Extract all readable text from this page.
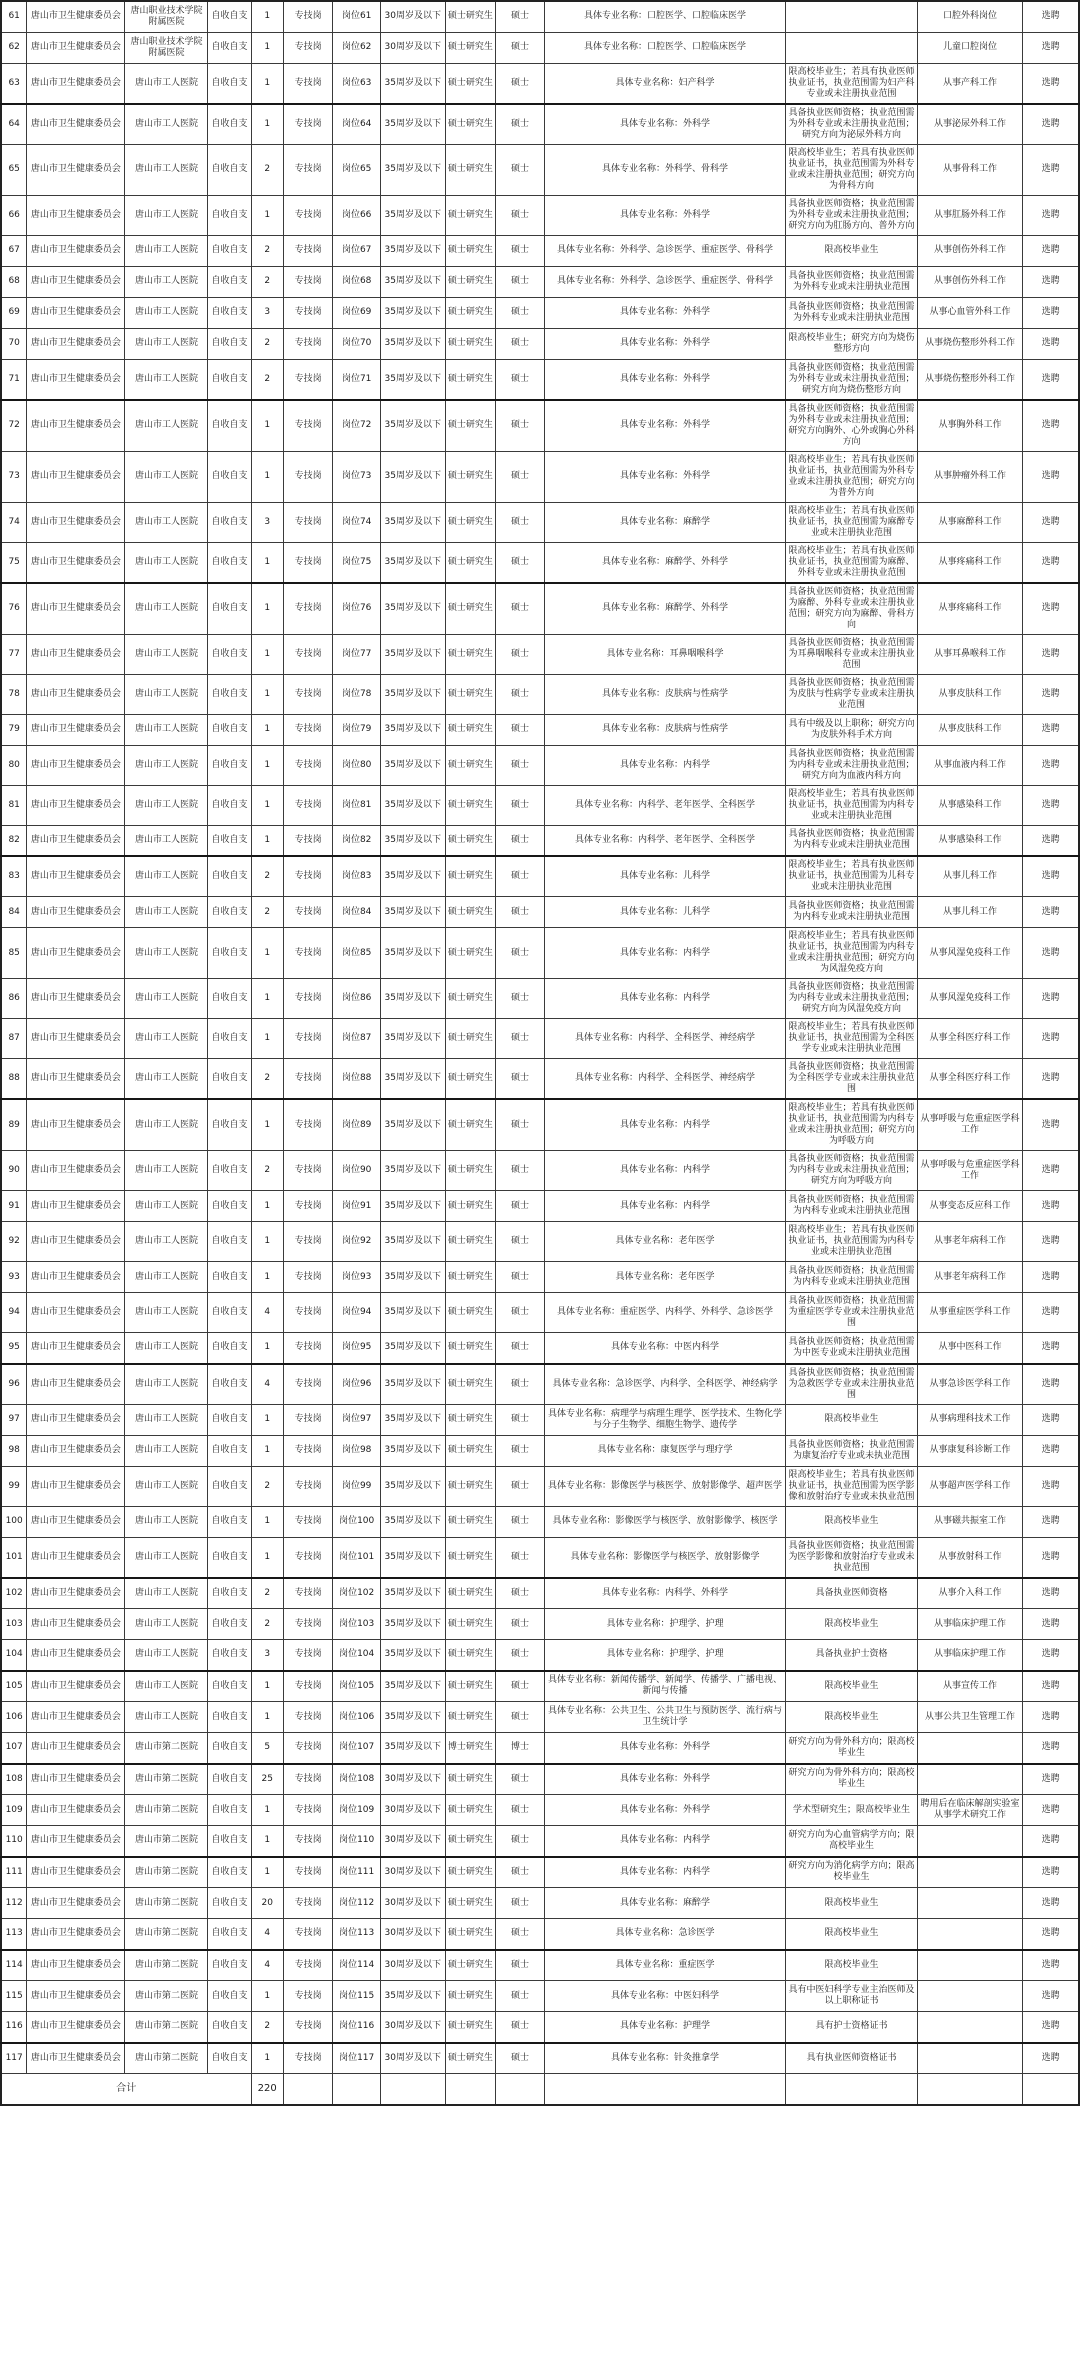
61	唐山市卫生健康委员会	唐山职业技术学院附属医院	自收自支	1	专技岗	岗位61	30周岁及以下	硕士研究生	硕士	具体专业名称：口腔医学、口腔临床医学		口腔外科岗位	选聘
62	唐山市卫生健康委员会	唐山职业技术学院附属医院	自收自支	1	专技岗	岗位62	30周岁及以下	硕士研究生	硕士	具体专业名称：口腔医学、口腔临床医学		儿童口腔岗位	选聘
63	唐山市卫生健康委员会	唐山市工人医院	自收自支	1	专技岗	岗位63	35周岁及以下	硕士研究生	硕士	具体专业名称：妇产科学	限高校毕业生；若具有执业医师执业证书，执业范围需为妇产科专业或未注册执业范围	从事产科工作	选聘
64	唐山市卫生健康委员会	唐山市工人医院	自收自支	1	专技岗	岗位64	35周岁及以下	硕士研究生	硕士	具体专业名称：外科学	具备执业医师资格；执业范围需为外科专业或未注册执业范围；研究方向为泌尿外科方向	从事泌尿外科工作	选聘
65	唐山市卫生健康委员会	唐山市工人医院	自收自支	2	专技岗	岗位65	35周岁及以下	硕士研究生	硕士	具体专业名称：外科学、骨科学	限高校毕业生；若具有执业医师执业证书，执业范围需为外科专业或未注册执业范围；研究方向为骨科方向	从事骨科工作	选聘
66	唐山市卫生健康委员会	唐山市工人医院	自收自支	1	专技岗	岗位66	35周岁及以下	硕士研究生	硕士	具体专业名称：外科学	具备执业医师资格；执业范围需为外科专业或未注册执业范围；研究方向为肛肠方向、普外方向	从事肛肠外科工作	选聘
67	唐山市卫生健康委员会	唐山市工人医院	自收自支	2	专技岗	岗位67	35周岁及以下	硕士研究生	硕士	具体专业名称：外科学、急诊医学、重症医学、骨科学	限高校毕业生	从事创伤外科工作	选聘
68	唐山市卫生健康委员会	唐山市工人医院	自收自支	2	专技岗	岗位68	35周岁及以下	硕士研究生	硕士	具体专业名称：外科学、急诊医学、重症医学、骨科学	具备执业医师资格；执业范围需为外科专业或未注册执业范围	从事创伤外科工作	选聘
69	唐山市卫生健康委员会	唐山市工人医院	自收自支	3	专技岗	岗位69	35周岁及以下	硕士研究生	硕士	具体专业名称：外科学	具备执业医师资格；执业范围需为外科专业或未注册执业范围	从事心血管外科工作	选聘
70	唐山市卫生健康委员会	唐山市工人医院	自收自支	2	专技岗	岗位70	35周岁及以下	硕士研究生	硕士	具体专业名称：外科学	限高校毕业生；研究方向为烧伤整形方向	从事烧伤整形外科工作	选聘
71	唐山市卫生健康委员会	唐山市工人医院	自收自支	2	专技岗	岗位71	35周岁及以下	硕士研究生	硕士	具体专业名称：外科学	具备执业医师资格；执业范围需为外科专业或未注册执业范围；研究方向为烧伤整形方向	从事烧伤整形外科工作	选聘
72	唐山市卫生健康委员会	唐山市工人医院	自收自支	1	专技岗	岗位72	35周岁及以下	硕士研究生	硕士	具体专业名称：外科学	具备执业医师资格；执业范围需为外科专业或未注册执业范围；研究方向胸外、心外或胸心外科方向	从事胸外科工作	选聘
73	唐山市卫生健康委员会	唐山市工人医院	自收自支	1	专技岗	岗位73	35周岁及以下	硕士研究生	硕士	具体专业名称：外科学	限高校毕业生；若具有执业医师执业证书，执业范围需为外科专业或未注册执业范围；研究方向为普外方向	从事肿瘤外科工作	选聘
74	唐山市卫生健康委员会	唐山市工人医院	自收自支	3	专技岗	岗位74	35周岁及以下	硕士研究生	硕士	具体专业名称：麻醉学	限高校毕业生；若具有执业医师执业证书，执业范围需为麻醉专业或未注册执业范围	从事麻醉科工作	选聘
75	唐山市卫生健康委员会	唐山市工人医院	自收自支	1	专技岗	岗位75	35周岁及以下	硕士研究生	硕士	具体专业名称：麻醉学、外科学	限高校毕业生；若具有执业医师执业证书，执业范围需为麻醉、外科专业或未注册执业范围	从事疼痛科工作	选聘
76	唐山市卫生健康委员会	唐山市工人医院	自收自支	1	专技岗	岗位76	35周岁及以下	硕士研究生	硕士	具体专业名称：麻醉学、外科学	具备执业医师资格；执业范围需为麻醉、外科专业或未注册执业范围；研究方向为麻醉、骨科方向	从事疼痛科工作	选聘
77	唐山市卫生健康委员会	唐山市工人医院	自收自支	1	专技岗	岗位77	35周岁及以下	硕士研究生	硕士	具体专业名称：耳鼻咽喉科学	具备执业医师资格；执业范围需为耳鼻咽喉科专业或未注册执业范围	从事耳鼻喉科工作	选聘
78	唐山市卫生健康委员会	唐山市工人医院	自收自支	1	专技岗	岗位78	35周岁及以下	硕士研究生	硕士	具体专业名称：皮肤病与性病学	具备执业医师资格；执业范围需为皮肤与性病学专业或未注册执业范围	从事皮肤科工作	选聘
79	唐山市卫生健康委员会	唐山市工人医院	自收自支	1	专技岗	岗位79	35周岁及以下	硕士研究生	硕士	具体专业名称：皮肤病与性病学	具有中级及以上职称；研究方向为皮肤外科手术方向	从事皮肤科工作	选聘
80	唐山市卫生健康委员会	唐山市工人医院	自收自支	1	专技岗	岗位80	35周岁及以下	硕士研究生	硕士	具体专业名称：内科学	具备执业医师资格；执业范围需为内科专业或未注册执业范围；研究方向为血液内科方向	从事血液内科工作	选聘
81	唐山市卫生健康委员会	唐山市工人医院	自收自支	1	专技岗	岗位81	35周岁及以下	硕士研究生	硕士	具体专业名称：内科学、老年医学、全科医学	限高校毕业生；若具有执业医师执业证书，执业范围需为内科专业或未注册执业范围	从事感染科工作	选聘
82	唐山市卫生健康委员会	唐山市工人医院	自收自支	1	专技岗	岗位82	35周岁及以下	硕士研究生	硕士	具体专业名称：内科学、老年医学、全科医学	具备执业医师资格；执业范围需为内科专业或未注册执业范围	从事感染科工作	选聘
83	唐山市卫生健康委员会	唐山市工人医院	自收自支	2	专技岗	岗位83	35周岁及以下	硕士研究生	硕士	具体专业名称：儿科学	限高校毕业生；若具有执业医师执业证书，执业范围需为儿科专业或未注册执业范围	从事儿科工作	选聘
84	唐山市卫生健康委员会	唐山市工人医院	自收自支	2	专技岗	岗位84	35周岁及以下	硕士研究生	硕士	具体专业名称：儿科学	具备执业医师资格；执业范围需为内科专业或未注册执业范围	从事儿科工作	选聘
85	唐山市卫生健康委员会	唐山市工人医院	自收自支	1	专技岗	岗位85	35周岁及以下	硕士研究生	硕士	具体专业名称：内科学	限高校毕业生；若具有执业医师执业证书，执业范围需为内科专业或未注册执业范围；研究方向为风湿免疫方向	从事风湿免疫科工作	选聘
86	唐山市卫生健康委员会	唐山市工人医院	自收自支	1	专技岗	岗位86	35周岁及以下	硕士研究生	硕士	具体专业名称：内科学	具备执业医师资格；执业范围需为内科专业或未注册执业范围；研究方向为风湿免疫方向	从事风湿免疫科工作	选聘
87	唐山市卫生健康委员会	唐山市工人医院	自收自支	1	专技岗	岗位87	35周岁及以下	硕士研究生	硕士	具体专业名称：内科学、全科医学、神经病学	限高校毕业生；若具有执业医师执业证书，执业范围需为全科医学专业或未注册执业范围	从事全科医疗科工作	选聘
88	唐山市卫生健康委员会	唐山市工人医院	自收自支	2	专技岗	岗位88	35周岁及以下	硕士研究生	硕士	具体专业名称：内科学、全科医学、神经病学	具备执业医师资格；执业范围需为全科医学专业或未注册执业范围	从事全科医疗科工作	选聘
89	唐山市卫生健康委员会	唐山市工人医院	自收自支	1	专技岗	岗位89	35周岁及以下	硕士研究生	硕士	具体专业名称：内科学	限高校毕业生；若具有执业医师执业证书，执业范围需为内科专业或未注册执业范围；研究方向为呼吸方向	从事呼吸与危重症医学科工作	选聘
90	唐山市卫生健康委员会	唐山市工人医院	自收自支	2	专技岗	岗位90	35周岁及以下	硕士研究生	硕士	具体专业名称：内科学	具备执业医师资格；执业范围需为内科专业或未注册执业范围；研究方向为呼吸方向	从事呼吸与危重症医学科工作	选聘
91	唐山市卫生健康委员会	唐山市工人医院	自收自支	1	专技岗	岗位91	35周岁及以下	硕士研究生	硕士	具体专业名称：内科学	具备执业医师资格；执业范围需为内科专业或未注册执业范围	从事变态反应科工作	选聘
92	唐山市卫生健康委员会	唐山市工人医院	自收自支	1	专技岗	岗位92	35周岁及以下	硕士研究生	硕士	具体专业名称：老年医学	限高校毕业生；若具有执业医师执业证书，执业范围需为内科专业或未注册执业范围	从事老年病科工作	选聘
93	唐山市卫生健康委员会	唐山市工人医院	自收自支	1	专技岗	岗位93	35周岁及以下	硕士研究生	硕士	具体专业名称：老年医学	具备执业医师资格；执业范围需为内科专业或未注册执业范围	从事老年病科工作	选聘
94	唐山市卫生健康委员会	唐山市工人医院	自收自支	4	专技岗	岗位94	35周岁及以下	硕士研究生	硕士	具体专业名称：重症医学、内科学、外科学、急诊医学	具备执业医师资格；执业范围需为重症医学专业或未注册执业范围	从事重症医学科工作	选聘
95	唐山市卫生健康委员会	唐山市工人医院	自收自支	1	专技岗	岗位95	35周岁及以下	硕士研究生	硕士	具体专业名称：中医内科学	具备执业医师资格；执业范围需为中医专业或未注册执业范围	从事中医科工作	选聘
96	唐山市卫生健康委员会	唐山市工人医院	自收自支	4	专技岗	岗位96	35周岁及以下	硕士研究生	硕士	具体专业名称：急诊医学、内科学、全科医学、神经病学	具备执业医师资格；执业范围需为急救医学专业或未注册执业范围	从事急诊医学科工作	选聘
97	唐山市卫生健康委员会	唐山市工人医院	自收自支	1	专技岗	岗位97	35周岁及以下	硕士研究生	硕士	具体专业名称：病理学与病理生理学、医学技术、生物化学与分子生物学、细胞生物学、遗传学	限高校毕业生	从事病理科技术工作	选聘
98	唐山市卫生健康委员会	唐山市工人医院	自收自支	1	专技岗	岗位98	35周岁及以下	硕士研究生	硕士	具体专业名称：康复医学与理疗学	具备执业医师资格；执业范围需为康复治疗专业或未执业范围	从事康复科诊断工作	选聘
99	唐山市卫生健康委员会	唐山市工人医院	自收自支	2	专技岗	岗位99	35周岁及以下	硕士研究生	硕士	具体专业名称：影像医学与核医学、放射影像学、超声医学	限高校毕业生；若具有执业医师执业证书，执业范围需为医学影像和放射治疗专业或未执业范围	从事超声医学科工作	选聘
100	唐山市卫生健康委员会	唐山市工人医院	自收自支	1	专技岗	岗位100	35周岁及以下	硕士研究生	硕士	具体专业名称：影像医学与核医学、放射影像学、核医学	限高校毕业生	从事磁共振室工作	选聘
101	唐山市卫生健康委员会	唐山市工人医院	自收自支	1	专技岗	岗位101	35周岁及以下	硕士研究生	硕士	具体专业名称：影像医学与核医学、放射影像学	具备执业医师资格；执业范围需为医学影像和放射治疗专业或未执业范围	从事放射科工作	选聘
102	唐山市卫生健康委员会	唐山市工人医院	自收自支	2	专技岗	岗位102	35周岁及以下	硕士研究生	硕士	具体专业名称：内科学、外科学	具备执业医师资格	从事介入科工作	选聘
103	唐山市卫生健康委员会	唐山市工人医院	自收自支	2	专技岗	岗位103	35周岁及以下	硕士研究生	硕士	具体专业名称：护理学、护理	限高校毕业生	从事临床护理工作	选聘
104	唐山市卫生健康委员会	唐山市工人医院	自收自支	3	专技岗	岗位104	35周岁及以下	硕士研究生	硕士	具体专业名称：护理学、护理	具备执业护士资格	从事临床护理工作	选聘
105	唐山市卫生健康委员会	唐山市工人医院	自收自支	1	专技岗	岗位105	35周岁及以下	硕士研究生	硕士	具体专业名称：新闻传播学、新闻学、传播学、广播电视、新闻与传播	限高校毕业生	从事宣传工作	选聘
106	唐山市卫生健康委员会	唐山市工人医院	自收自支	1	专技岗	岗位106	35周岁及以下	硕士研究生	硕士	具体专业名称：公共卫生、公共卫生与预防医学、流行病与卫生统计学	限高校毕业生	从事公共卫生管理工作	选聘
107	唐山市卫生健康委员会	唐山市第二医院	自收自支	5	专技岗	岗位107	35周岁及以下	博士研究生	博士	具体专业名称：外科学	研究方向为骨外科方向；限高校毕业生		选聘
108	唐山市卫生健康委员会	唐山市第二医院	自收自支	25	专技岗	岗位108	30周岁及以下	硕士研究生	硕士	具体专业名称：外科学	研究方向为骨外科方向；限高校毕业生		选聘
109	唐山市卫生健康委员会	唐山市第二医院	自收自支	1	专技岗	岗位109	30周岁及以下	硕士研究生	硕士	具体专业名称：外科学	学术型研究生；限高校毕业生	聘用后在临床解剖实验室从事学术研究工作	选聘
110	唐山市卫生健康委员会	唐山市第二医院	自收自支	1	专技岗	岗位110	30周岁及以下	硕士研究生	硕士	具体专业名称：内科学	研究方向为心血管病学方向；限高校毕业生		选聘
111	唐山市卫生健康委员会	唐山市第二医院	自收自支	1	专技岗	岗位111	30周岁及以下	硕士研究生	硕士	具体专业名称：内科学	研究方向为消化病学方向；限高校毕业生		选聘
112	唐山市卫生健康委员会	唐山市第二医院	自收自支	20	专技岗	岗位112	30周岁及以下	硕士研究生	硕士	具体专业名称：麻醉学	限高校毕业生		选聘
113	唐山市卫生健康委员会	唐山市第二医院	自收自支	4	专技岗	岗位113	30周岁及以下	硕士研究生	硕士	具体专业名称：急诊医学	限高校毕业生		选聘
114	唐山市卫生健康委员会	唐山市第二医院	自收自支	4	专技岗	岗位114	30周岁及以下	硕士研究生	硕士	具体专业名称：重症医学	限高校毕业生		选聘
115	唐山市卫生健康委员会	唐山市第二医院	自收自支	1	专技岗	岗位115	35周岁及以下	硕士研究生	硕士	具体专业名称：中医妇科学	具有中医妇科学专业主治医师及以上职称证书		选聘
116	唐山市卫生健康委员会	唐山市第二医院	自收自支	2	专技岗	岗位116	30周岁及以下	硕士研究生	硕士	具体专业名称：护理学	具有护士资格证书		选聘
117	唐山市卫生健康委员会	唐山市第二医院	自收自支	1	专技岗	岗位117	30周岁及以下	硕士研究生	硕士	具体专业名称：针灸推拿学	具有执业医师资格证书		选聘
合计				220									
